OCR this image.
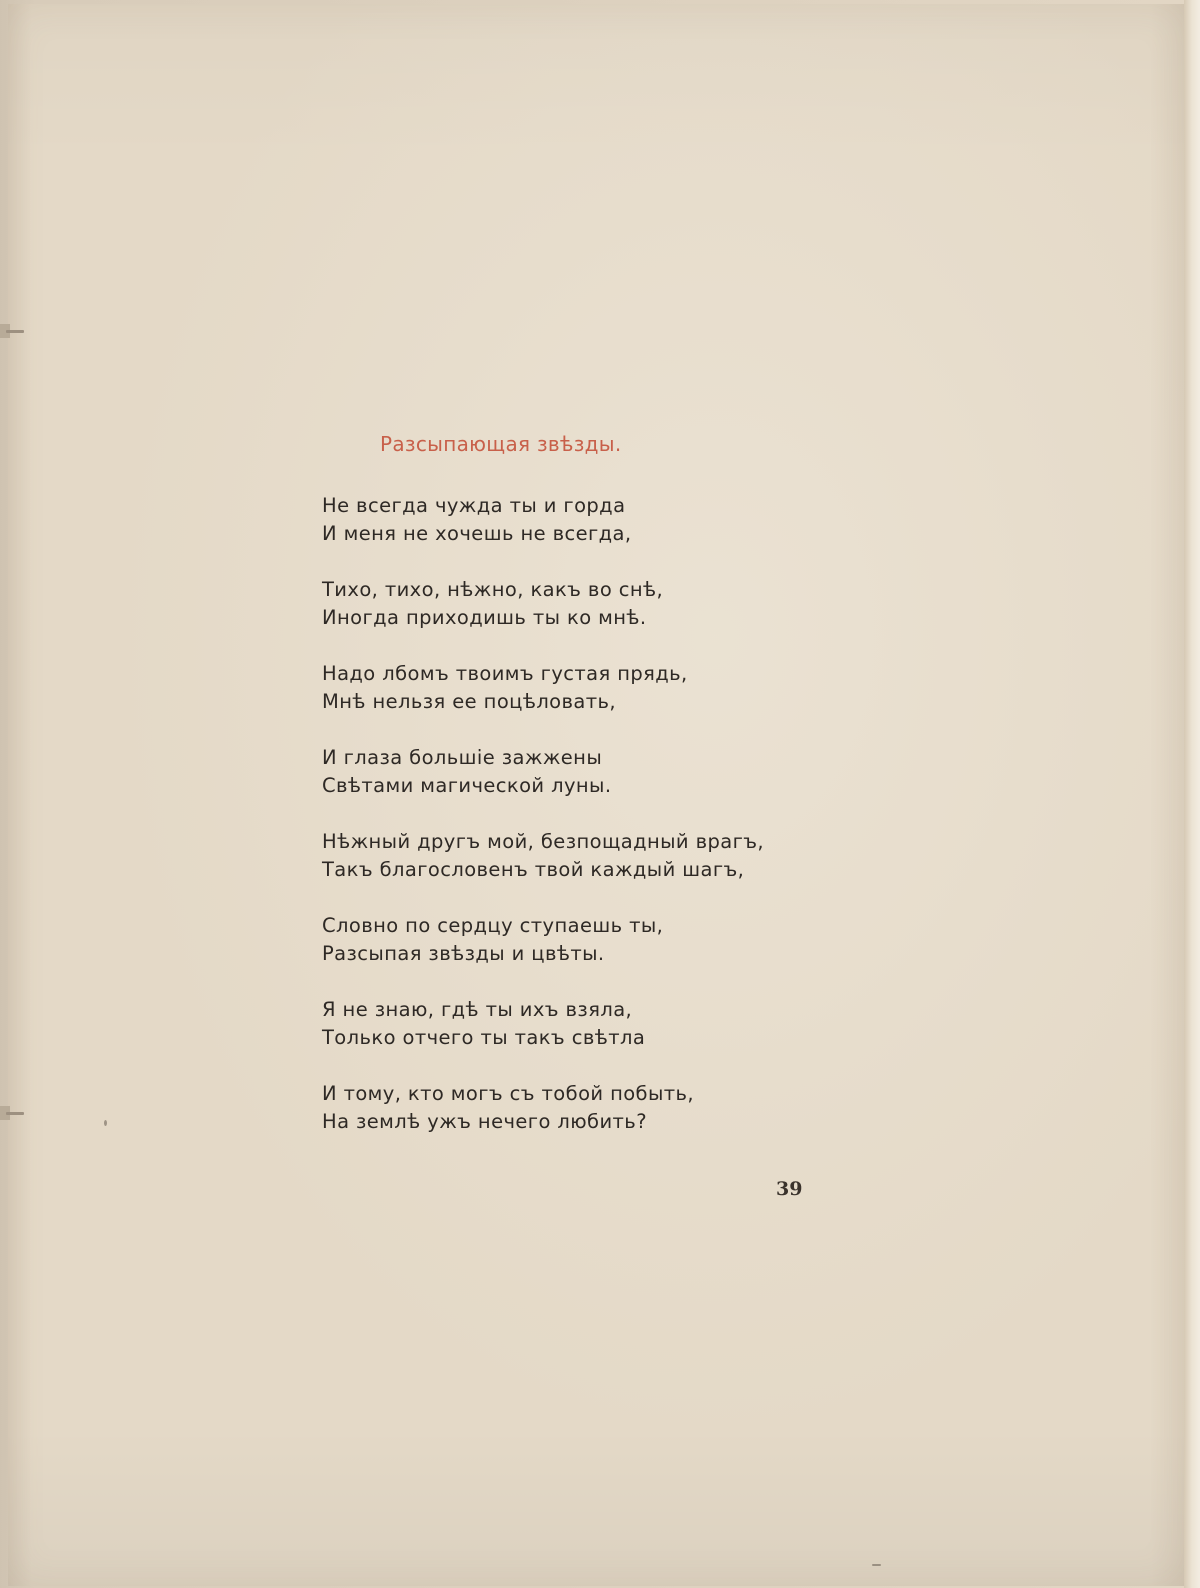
Разсыпающая звѣзды.

Не всегда чужда ты и горда
И меня не хочешь не всегда,

Тихо, тихо, нѣжно, какъ во снѣ,
Иногда приходишь ты ко мнѣ.

Надо лбомъ твоимъ густая прядь,
Мнѣ нельзя ее поцѣловать,

И глаза большіе зажжены
Свѣтами магической луны.

Нѣжный другъ мой, безпощадный врагъ,
Такъ благословенъ твой каждый шагъ,

Словно по сердцу ступаешь ты,
Разсыпая звѣзды и цвѣты.

Я не знаю, гдѣ ты ихъ взяла,
Только отчего ты такъ свѣтла

И тому, кто могъ съ тобой побыть,
На землѣ ужъ нечего любить?

39
